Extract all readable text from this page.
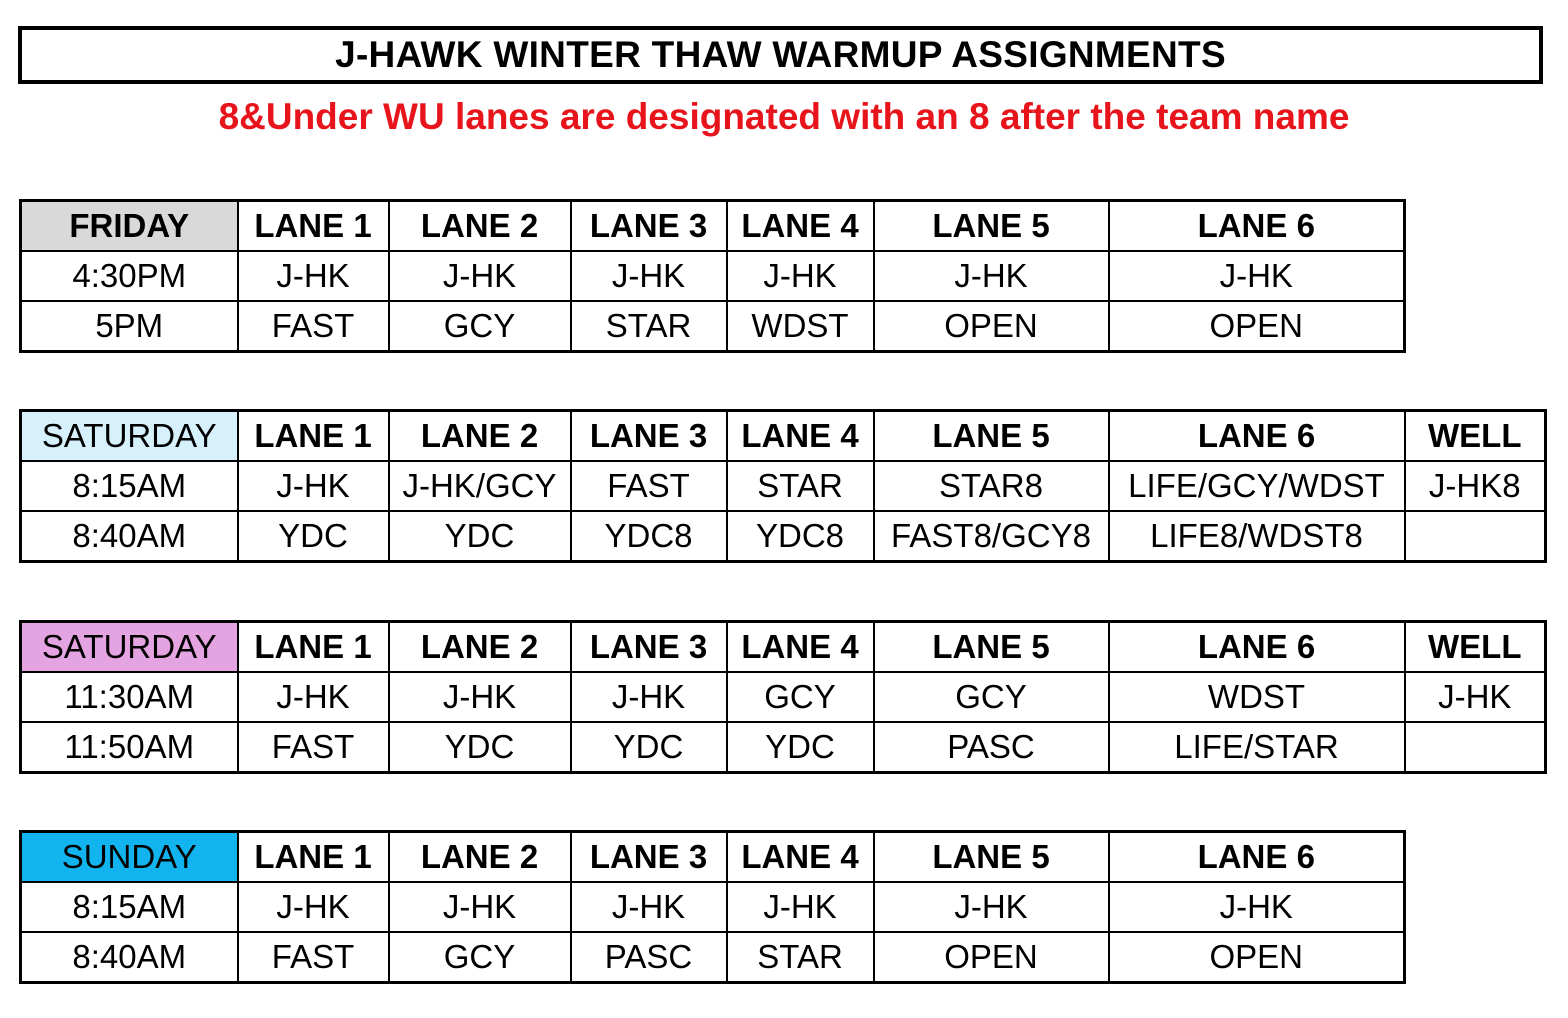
J-HAWK WINTER THAW WARMUP ASSIGNMENTS
8&Under WU lanes are designated with an 8 after the team name
FRIDAY	LANE 1	LANE 2	LANE 3	LANE 4	LANE 5	LANE 6
4:30PM	J-HK	J-HK	J-HK	J-HK	J-HK	J-HK
5PM	FAST	GCY	STAR	WDST	OPEN	OPEN
SATURDAY	LANE 1	LANE 2	LANE 3	LANE 4	LANE 5	LANE 6	WELL
8:15AM	J-HK	J-HK/GCY	FAST	STAR	STAR8	LIFE/GCY/WDST	J-HK8
8:40AM	YDC	YDC	YDC8	YDC8	FAST8/GCY8	LIFE8/WDST8	
SATURDAY	LANE 1	LANE 2	LANE 3	LANE 4	LANE 5	LANE 6	WELL
11:30AM	J-HK	J-HK	J-HK	GCY	GCY	WDST	J-HK
11:50AM	FAST	YDC	YDC	YDC	PASC	LIFE/STAR	
SUNDAY	LANE 1	LANE 2	LANE 3	LANE 4	LANE 5	LANE 6
8:15AM	J-HK	J-HK	J-HK	J-HK	J-HK	J-HK
8:40AM	FAST	GCY	PASC	STAR	OPEN	OPEN
